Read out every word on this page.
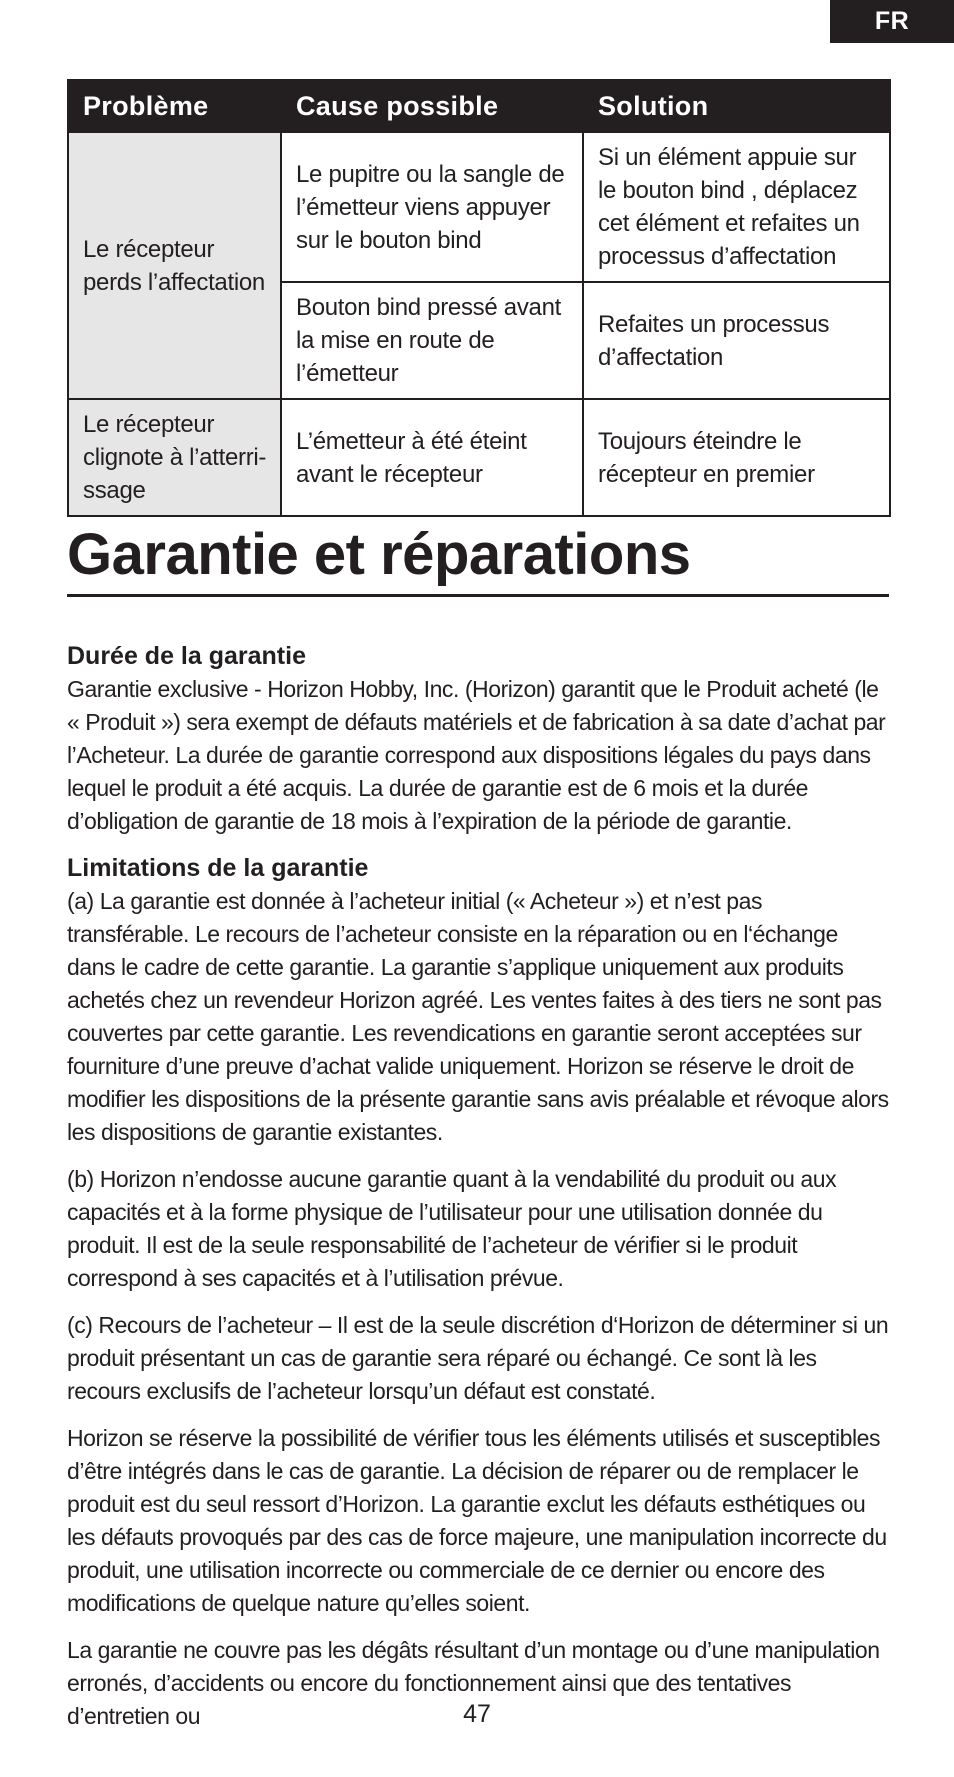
FR
Problème	Cause possible	Solution
Le récepteur perds l’affectation	Le pupitre ou la sangle de l’émetteur viens appuyer sur le bouton bind	Si un élément appuie sur le bouton bind , déplacez cet élément et refaites un processus d’affectation
	Bouton bind pressé avant la mise en route de l’émetteur	Refaites un processus d’affectation
Le récepteur clignote à l’atterri-ssage	L’émetteur à été éteint avant le récepteur	Toujours éteindre le récepteur en premier
Garantie et réparations
Durée de la garantie

Garantie exclusive - Horizon Hobby, Inc. (Horizon) garantit que le Produit acheté (le « Produit ») sera exempt de défauts matériels et de fabrication à sa date d’achat par l’Acheteur. La durée de garantie correspond aux dispositions légales du pays dans lequel le produit a été acquis. La durée de garantie est de 6 mois et la durée d’obligation de garantie de 18 mois à l’expiration de la période de garantie.

Limitations de la garantie

(a) La garantie est donnée à l’acheteur initial (« Acheteur ») et n’est pas transférable. Le recours de l’acheteur consiste en la réparation ou en l‘échange dans le cadre de cette garantie. La garantie s’applique uniquement aux produits achetés chez un revendeur Horizon agréé. Les ventes faites à des tiers ne sont pas couvertes par cette garantie. Les revendications en garantie seront acceptées sur fourniture d’une preuve d’achat valide uniquement. Horizon se réserve le droit de modifier les dispositions de la présente garantie sans avis préalable et révoque alors les dispositions de garantie existantes.

(b) Horizon n’endosse aucune garantie quant à la vendabilité du produit ou aux capacités et à la forme physique de l’utilisateur pour une utilisation donnée du produit. Il est de la seule responsabilité de l’acheteur de vérifier si le produit correspond à ses capacités et à l’utilisation prévue.

(c) Recours de l’acheteur – Il est de la seule discrétion d‘Horizon de déterminer si un produit présentant un cas de garantie sera réparé ou échangé. Ce sont là les recours exclusifs de l’acheteur lorsqu’un défaut est constaté.

Horizon se réserve la possibilité de vérifier tous les éléments utilisés et susceptibles d’être intégrés dans le cas de garantie. La décision de réparer ou de remplacer le produit est du seul ressort d’Horizon. La garantie exclut les défauts esthétiques ou les défauts provoqués par des cas de force majeure, une manipulation incorrecte du produit, une utilisation incorrecte ou commerciale de ce dernier ou encore des modifications de quelque nature qu’elles soient.

La garantie ne couvre pas les dégâts résultant d’un montage ou d’une manipulation erronés, d’accidents ou encore du fonctionnement ainsi que des tentatives d’entretien ou	47
